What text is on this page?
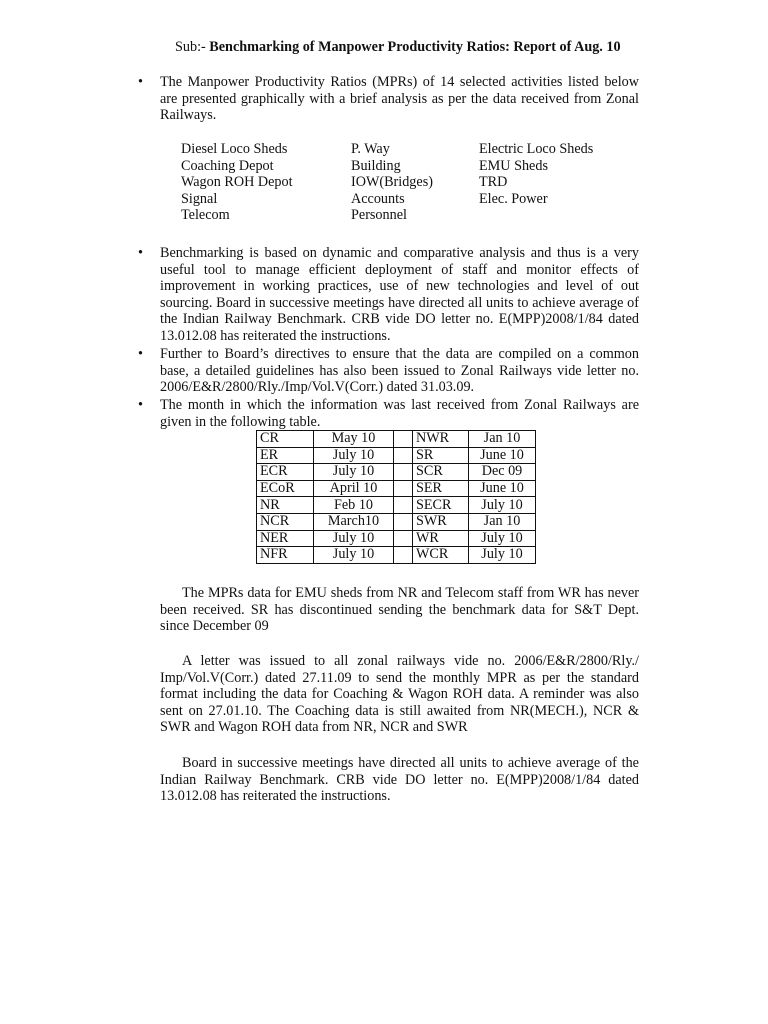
Sub:- Benchmarking of Manpower Productivity Ratios: Report of Aug. 10
• The Manpower Productivity Ratios (MPRs) of 14 selected activities listed below are presented graphically with a brief analysis as per the data received from Zonal Railways.
Diesel Loco Sheds	P. Way	Electric Loco Sheds
Coaching Depot	Building	EMU Sheds
Wagon ROH Depot	IOW(Bridges)	TRD
Signal	Accounts	Elec. Power
Telecom	Personnel
• Benchmarking is based on dynamic and comparative analysis and thus is a very useful tool to manage efficient deployment of staff and monitor effects of improvement in working practices, use of new technologies and level of out sourcing. Board in successive meetings have directed all units to achieve average of the Indian Railway Benchmark. CRB vide DO letter no. E(MPP)2008/1/84 dated 13.012.08 has reiterated the instructions.
• Further to Board’s directives to ensure that the data are compiled on a common base, a detailed guidelines has also been issued to Zonal Railways vide letter no. 2006/E&R/2800/Rly./Imp/Vol.V(Corr.) dated 31.03.09.
• The month in which the information was last received from Zonal Railways are given in the following table.
CR	May 10		NWR	Jan 10
ER	July 10		SR	June 10
ECR	July 10		SCR	Dec 09
ECoR	April 10		SER	June 10
NR	Feb 10		SECR	July 10
NCR	March10		SWR	Jan 10
NER	July 10		WR	July 10
NFR	July 10		WCR	July 10
The MPRs data for EMU sheds from NR and Telecom staff from WR has never been received. SR has discontinued sending the benchmark data for S&T Dept. since December 09
A letter was issued to all zonal railways vide no. 2006/E&R/2800/Rly./ Imp/Vol.V(Corr.) dated 27.11.09 to send the monthly MPR as per the standard format including the data for Coaching & Wagon ROH data. A reminder was also sent on 27.01.10. The Coaching data is still awaited from NR(MECH.), NCR & SWR and Wagon ROH data from NR, NCR and SWR
Board in successive meetings have directed all units to achieve average of the Indian Railway Benchmark. CRB vide DO letter no. E(MPP)2008/1/84 dated 13.012.08 has reiterated the instructions.
